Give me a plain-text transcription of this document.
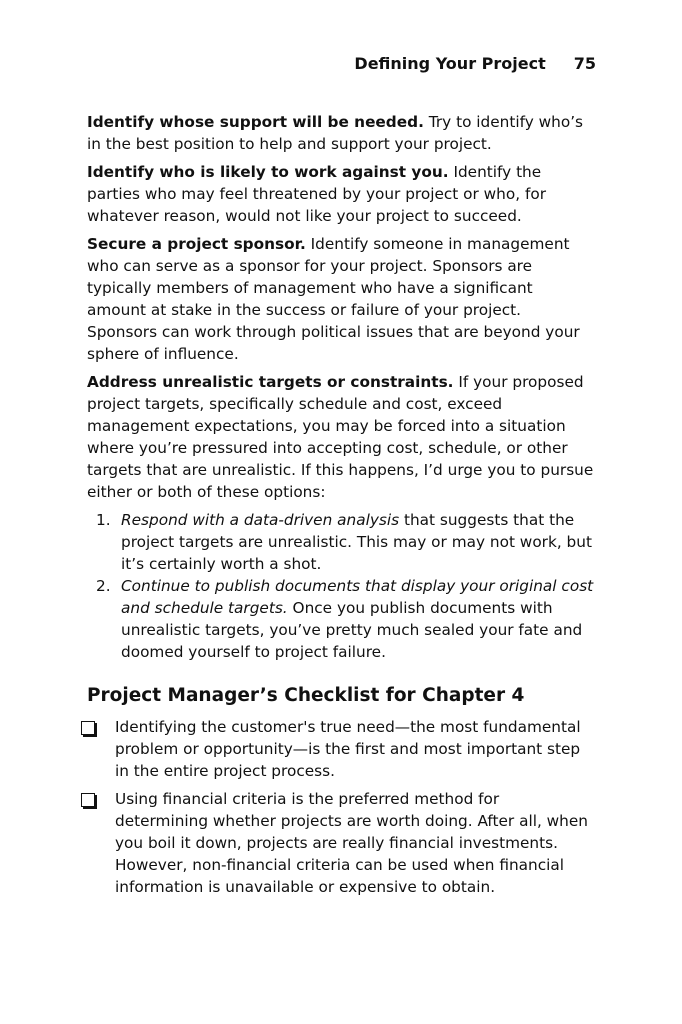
Defining Your Project 75

Identify whose support will be needed. Try to identify who’s in the best position to help and support your project.

Identify who is likely to work against you. Identify the parties who may feel threatened by your project or who, for whatever reason, would not like your project to succeed.

Secure a project sponsor. Identify someone in management who can serve as a sponsor for your project. Sponsors are typically members of management who have a significant amount at stake in the success or failure of your project. Sponsors can work through political issues that are beyond your sphere of influence.

Address unrealistic targets or constraints. If your proposed project targets, specifically schedule and cost, exceed management expectations, you may be forced into a situation where you’re pressured into accepting cost, schedule, or other targets that are unrealistic. If this happens, I’d urge you to pursue either or both of these options:

1. Respond with a data-driven analysis that suggests that the project targets are unrealistic. This may or may not work, but it’s certainly worth a shot.
2. Continue to publish documents that display your original cost and schedule targets. Once you publish documents with unrealistic targets, you’ve pretty much sealed your fate and doomed yourself to project failure.
Project Manager’s Checklist for Chapter 4
Identifying the customer's true need—the most fundamental problem or opportunity—is the first and most important step in the entire project process.
Using financial criteria is the preferred method for determining whether projects are worth doing. After all, when you boil it down, projects are really financial investments. However, non-financial criteria can be used when financial information is unavailable or expensive to obtain.
